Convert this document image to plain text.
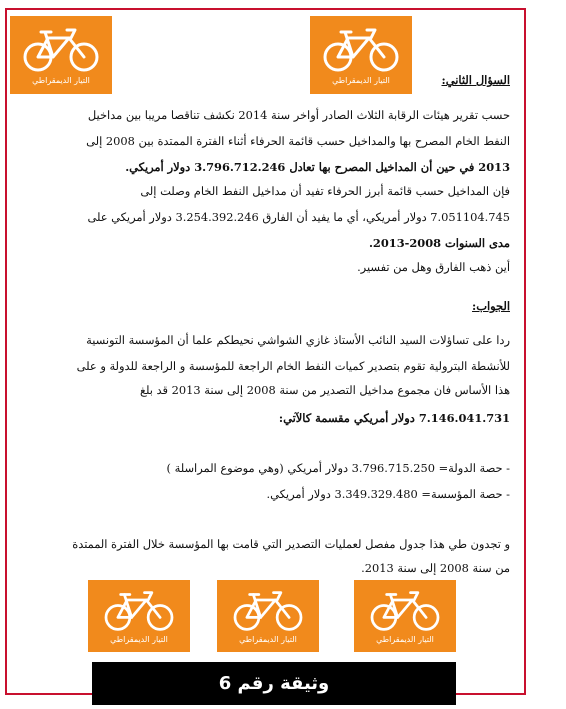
التيار الديمقراطي	التيار الديمقراطي
التيار الديمقراطي	التيار الديمقراطي	التيار الديمقراطي
السؤال الثاني:
حسب تقرير هيئات الرقابة الثلاث الصادر أواخر سنة 2014 نكشف تناقصا مريبا بين مداخيل
النفط الخام المصرح بها والمداخيل حسب قائمة الحرفاء أثناء الفترة الممتدة بين 2008 إلى
2013 في حين أن المداخيل المصرح بها تعادل 3.796.712.246 دولار أمريكي.
فإن المداخيل حسب قائمة أبرز الحرفاء تفيد أن مداخيل النفط الخام وصلت إلى
7.051104.745 دولار أمريكي، أي ما يفيد أن الفارق 3.254.392.246 دولار أمريكي على
مدى السنوات 2008-2013.
أين ذهب الفارق وهل من تفسير.
الجواب:
ردا على تساؤلات السيد النائب الأستاذ غازي الشواشي نحيطكم علما أن المؤسسة التونسية
للأنشطة البترولية تقوم بتصدير كميات النفط الخام الراجعة للمؤسسة و الراجعة للدولة و على
هذا الأساس فان مجموع مداخيل التصدير من سنة 2008 إلى سنة 2013 قد بلغ
7.146.041.731 دولار أمريكي مقسمة كالآتي:
- حصة الدولة= 3.796.715.250 دولار أمريكي (وهي موضوع المراسلة )
- حصة المؤسسة= 3.349.329.480 دولار أمريكي.
و تجدون طي هذا جدول مفصل لعمليات التصدير التي قامت بها المؤسسة خلال الفترة الممتدة
من سنة 2008 إلى سنة 2013.
وثيقة رقم 6
